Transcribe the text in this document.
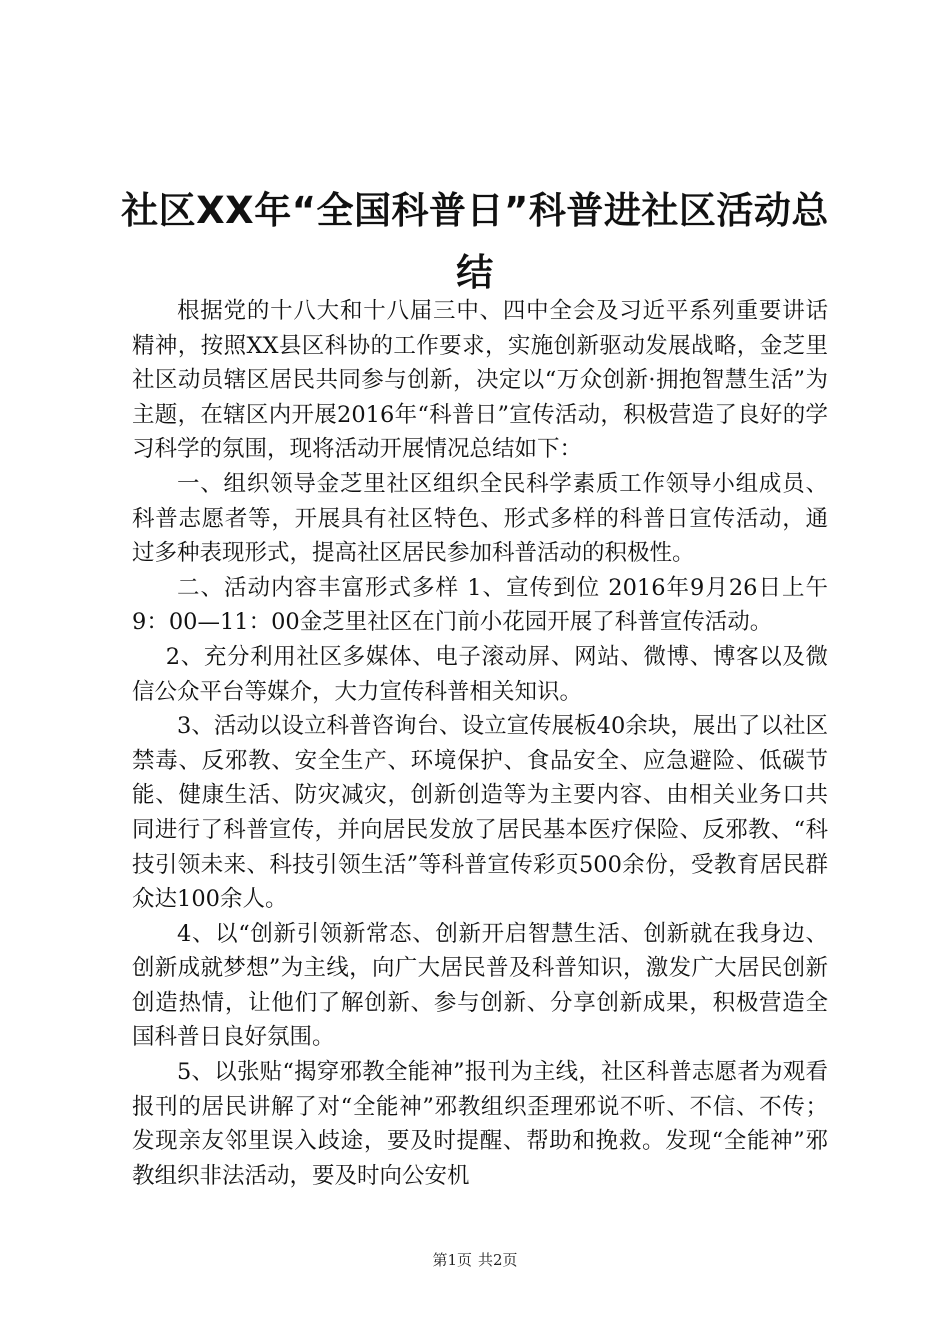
社区XX年“全国科普日”科普进社区活动总结

根据党的十八大和十八届三中、四中全会及习近平系列重要讲话精神，按照XX县区科协的工作要求，实施创新驱动发展战略，金芝里社区动员辖区居民共同参与创新，决定以“万众创新·拥抱智慧生活”为主题，在辖区内开展2016年“科普日”宣传活动，积极营造了良好的学习科学的氛围，现将活动开展情况总结如下：

一、组织领导金芝里社区组织全民科学素质工作领导小组成员、科普志愿者等，开展具有社区特色、形式多样的科普日宣传活动，通过多种表现形式，提高社区居民参加科普活动的积极性。

二、活动内容丰富形式多样 1、宣传到位 2016年9月26日上午9：00—11：00金芝里社区在门前小花园开展了科普宣传活动。

2、充分利用社区多媒体、电子滚动屏、网站、微博、博客以及微信公众平台等媒介，大力宣传科普相关知识。

3、活动以设立科普咨询台、设立宣传展板40余块，展出了以社区禁毒、反邪教、安全生产、环境保护、食品安全、应急避险、低碳节能、健康生活、防灾减灾，创新创造等为主要内容、由相关业务口共同进行了科普宣传，并向居民发放了居民基本医疗保险、反邪教、“科技引领未来、科技引领生活”等科普宣传彩页500余份，受教育居民群众达100余人。

4、以“创新引领新常态、创新开启智慧生活、创新就在我身边、创新成就梦想”为主线，向广大居民普及科普知识，激发广大居民创新创造热情，让他们了解创新、参与创新、分享创新成果，积极营造全国科普日良好氛围。

5、以张贴“揭穿邪教全能神”报刊为主线，社区科普志愿者为观看报刊的居民讲解了对“全能神”邪教组织歪理邪说不听、不信、不传；发现亲友邻里误入歧途，要及时提醒、帮助和挽救。发现“全能神”邪教组织非法活动，要及时向公安机

第1页 共2页
